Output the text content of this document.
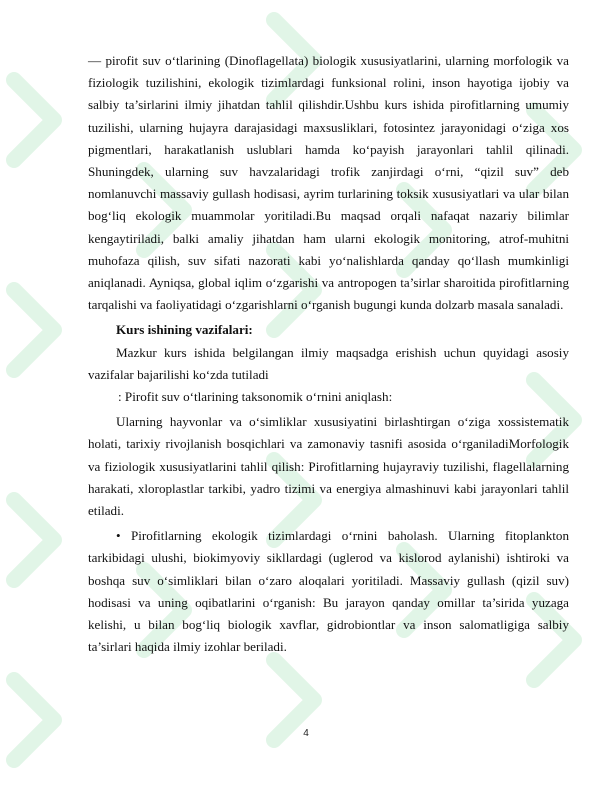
— pirofit suv o‘tlarining (Dinoflagellata) biologik xususiyatlarini, ularning morfologik va fiziologik tuzilishini, ekologik tizimlardagi funksional rolini, inson hayotiga ijobiy va salbiy ta’sirlarini ilmiy jihatdan tahlil qilishdir.Ushbu kurs ishida pirofitlarning umumiy tuzilishi, ularning hujayra darajasidagi maxsusliklari, fotosintez jarayonidagi o‘ziga xos pigmentlari, harakatlanish uslublari hamda ko‘payish jarayonlari tahlil qilinadi. Shuningdek, ularning suv havzalaridagi trofik zanjirdagi o‘rni, “qizil suv” deb nomlanuvchi massaviy gullash hodisasi, ayrim turlarining toksik xususiyatlari va ular bilan bog‘liq ekologik muammolar yoritiladi.Bu maqsad orqali nafaqat nazariy bilimlar kengaytiriladi, balki amaliy jihatdan ham ularni ekologik monitoring, atrof-muhitni muhofaza qilish, suv sifati nazorati kabi yo‘nalishlarda qanday qo‘llash mumkinligi aniqlanadi. Ayniqsa, global iqlim o‘zgarishi va antropogen ta’sirlar sharoitida pirofitlarning tarqalishi va faoliyatidagi o‘zgarishlarni o‘rganish bugungi kunda dolzarb masala sanaladi.

Kurs ishining vazifalari:

Mazkur kurs ishida belgilangan ilmiy maqsadga erishish uchun quyidagi asosiy vazifalar bajarilishi ko‘zda tutiladi

: Pirofit suv o‘tlarining taksonomik o‘rnini aniqlash:

Ularning hayvonlar va o‘simliklar xususiyatini birlashtirgan o‘ziga xossistematik holati, tarixiy rivojlanish bosqichlari va zamonaviy tasnifi asosida o‘rganiladiMorfologik va fiziologik xususiyatlarini tahlil qilish: Pirofitlarning hujayraviy tuzilishi, flagellalarning harakati, xloroplastlar tarkibi, yadro tizimi va energiya almashinuvi kabi jarayonlari tahlil etiladi.

• Pirofitlarning ekologik tizimlardagi o‘rnini baholash. Ularning fitoplankton tarkibidagi ulushi, biokimyoviy sikllardagi (uglerod va kislorod aylanishi) ishtiroki va boshqa suv o‘simliklari bilan o‘zaro aloqalari yoritiladi. Massaviy gullash (qizil suv) hodisasi va uning oqibatlarini o‘rganish: Bu jarayon qanday omillar ta’sirida yuzaga kelishi, u bilan bog‘liq biologik xavflar, gidrobiontlar va inson salomatligiga salbiy ta’sirlari haqida ilmiy izohlar beriladi.

4
